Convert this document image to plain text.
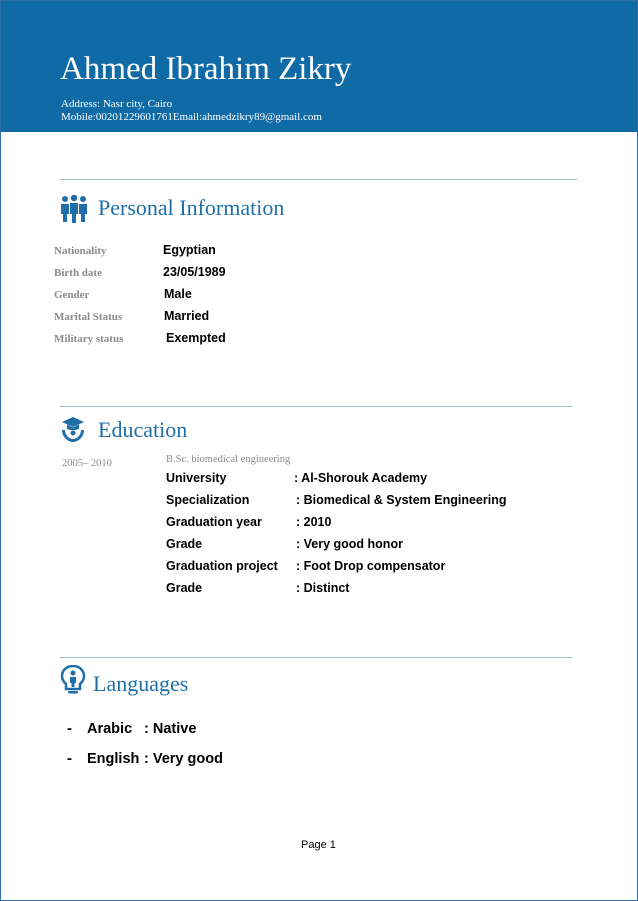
Ahmed Ibrahim Zikry
Address: Nasr city, Cairo
Mobile:00201229601761Email:ahmedzikry89@gmail.com
Personal Information
Nationality	Egyptian
Birth date	23/05/1989
Gender	Male
Marital Status	Married
Military status	Exempted
Education
2005– 2010	B.Sc. biomedical engineering
University	: Al-Shorouk Academy
Specialization	: Biomedical & System Engineering
Graduation year	: 2010
Grade	: Very good honor
Graduation project : Foot Drop compensator
Grade	: Distinct
Languages
- Arabic : Native
- English : Very good
Page 1
